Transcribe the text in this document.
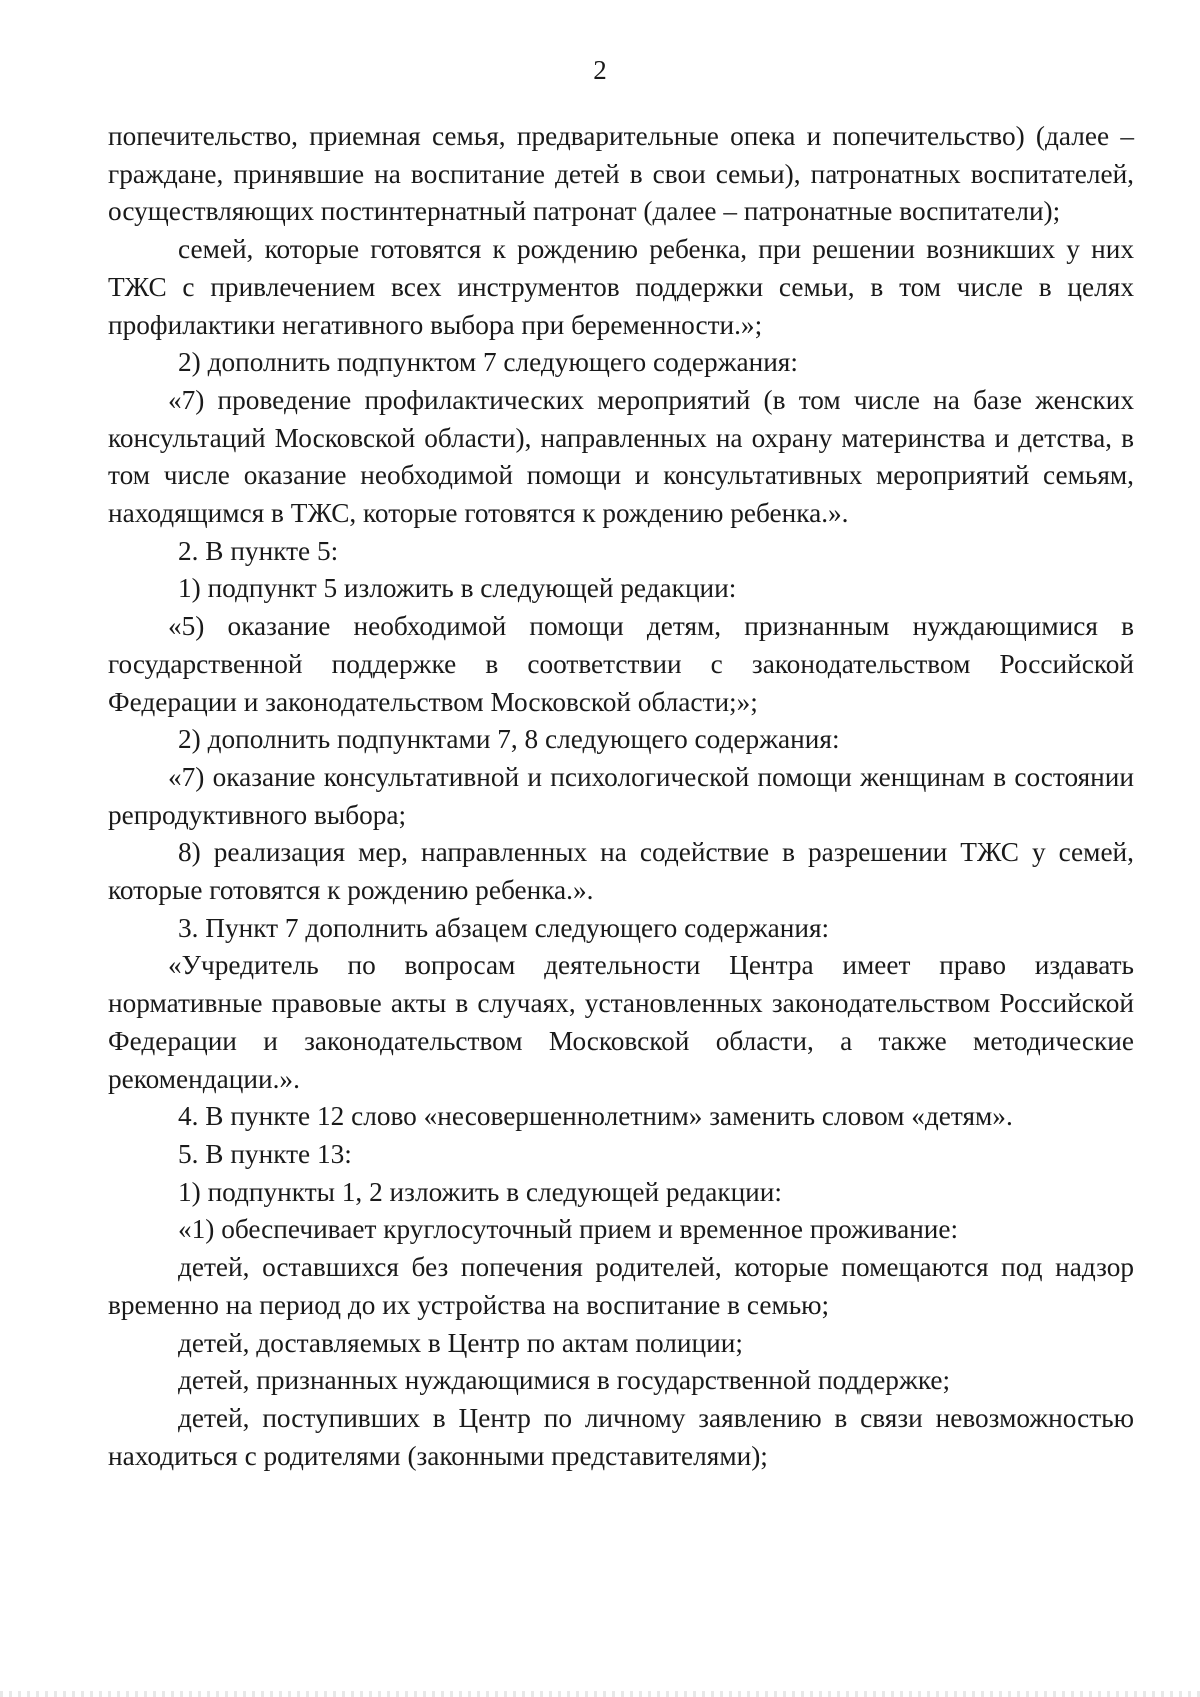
2

попечительство, приемная семья, предварительные опека и попечительство) (далее – граждане, принявшие на воспитание детей в свои семьи), патронатных воспитателей, осуществляющих постинтернатный патронат (далее – патронатные воспитатели);

семей, которые готовятся к рождению ребенка, при решении возникших у них ТЖС с привлечением всех инструментов поддержки семьи, в том числе в целях профилактики негативного выбора при беременности.»;

2) дополнить подпунктом 7 следующего содержания:

«7) проведение профилактических мероприятий (в том числе на базе женских консультаций Московской области), направленных на охрану материнства и детства, в том числе оказание необходимой помощи и консультативных мероприятий семьям, находящимся в ТЖС, которые готовятся к рождению ребенка.».

2. В пункте 5:

1) подпункт 5 изложить в следующей редакции:

«5) оказание необходимой помощи детям, признанным нуждающимися в государственной поддержке в соответствии с законодательством Российской Федерации и законодательством Московской области;»;

2) дополнить подпунктами 7, 8 следующего содержания:

«7) оказание консультативной и психологической помощи женщинам в состоянии репродуктивного выбора;

8) реализация мер, направленных на содействие в разрешении ТЖС у семей, которые готовятся к рождению ребенка.».

3. Пункт 7 дополнить абзацем следующего содержания:

«Учредитель по вопросам деятельности Центра имеет право издавать нормативные правовые акты в случаях, установленных законодательством Российской Федерации и законодательством Московской области, а также методические рекомендации.».

4. В пункте 12 слово «несовершеннолетним» заменить словом «детям».

5. В пункте 13:

1) подпункты 1, 2 изложить в следующей редакции:

«1) обеспечивает круглосуточный прием и временное проживание:

детей, оставшихся без попечения родителей, которые помещаются под надзор временно на период до их устройства на воспитание в семью;

детей, доставляемых в Центр по актам полиции;

детей, признанных нуждающимися в государственной поддержке;

детей, поступивших в Центр по личному заявлению в связи невозможностью находиться с родителями (законными представителями);
